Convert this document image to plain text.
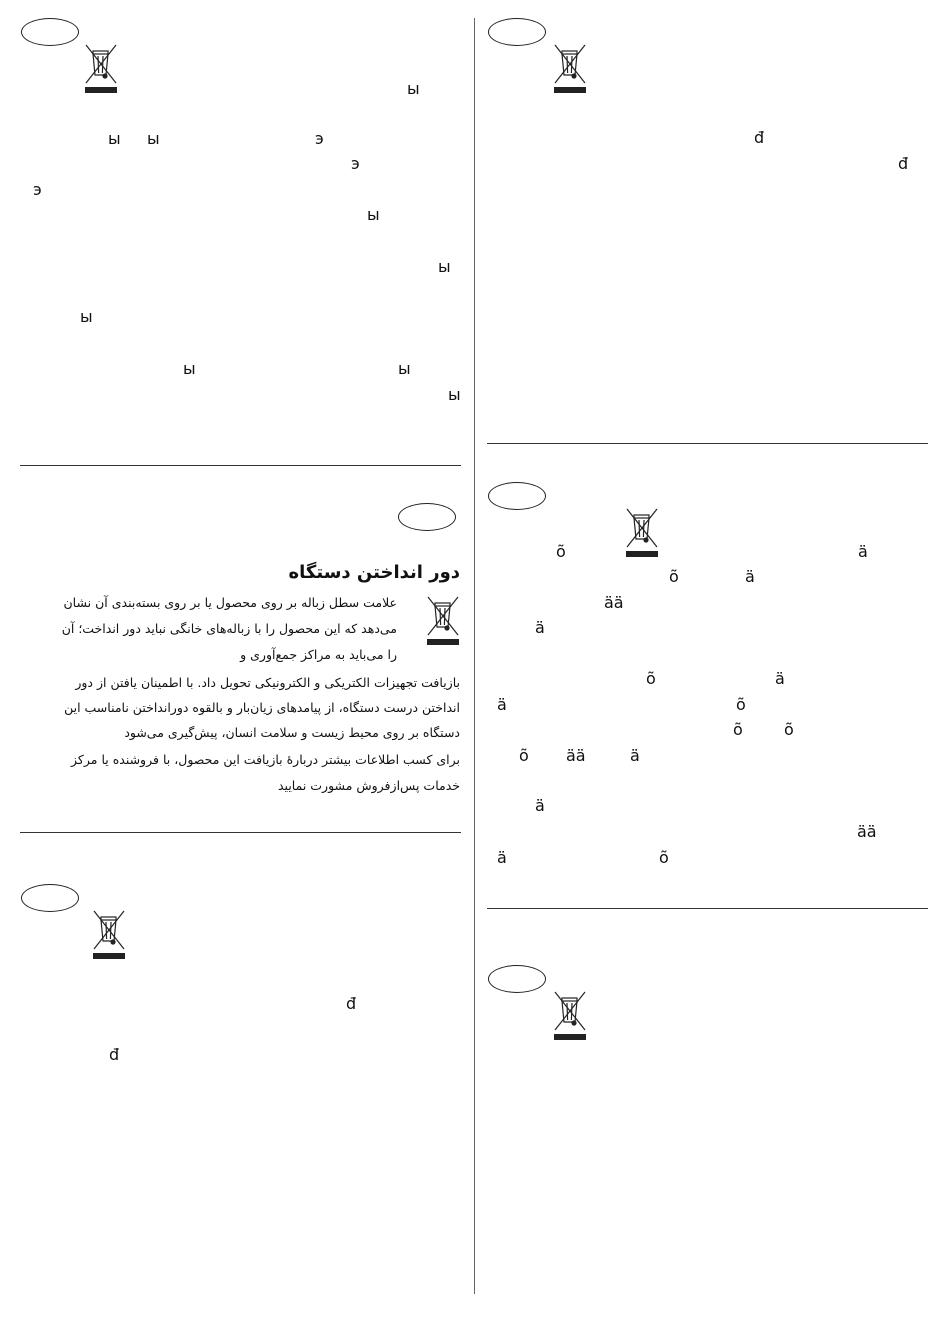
ы
ы ы	э
э
э
ы
ы
ы
ы	ы
ы
دور انداختن دستگاه
علامت سطل زباله بر روی محصول یا بر روی بسته‌بندی آن نشان
می‌دهد که این محصول را با زباله‌های خانگی نباید دور انداخت؛ آن
را می‌باید به مراکز جمع‌آوری و
بازیافت تجهیزات الکتریکی و الکترونیکی تحویل داد. با اطمینان یافتن از دور
انداختن درست دستگاه، از پیامدهای زیان‌بار و بالقوه دورانداختن نامناسب این
دستگاه بر روی محیط زیست و سلامت انسان، پیش‌گیری می‌شود
برای کسب اطلاعات بیشتر دربارهٔ بازیافت این محصول، با فروشنده یا مرکز
خدمات پس‌ازفروش مشورت نمایید
đ
đ
đ
đ
õ	ä
õ	ä
ää
ä
õ	ä
ä	õ
õ	õ
õ ää	ä
ä
ää
ä	õ
